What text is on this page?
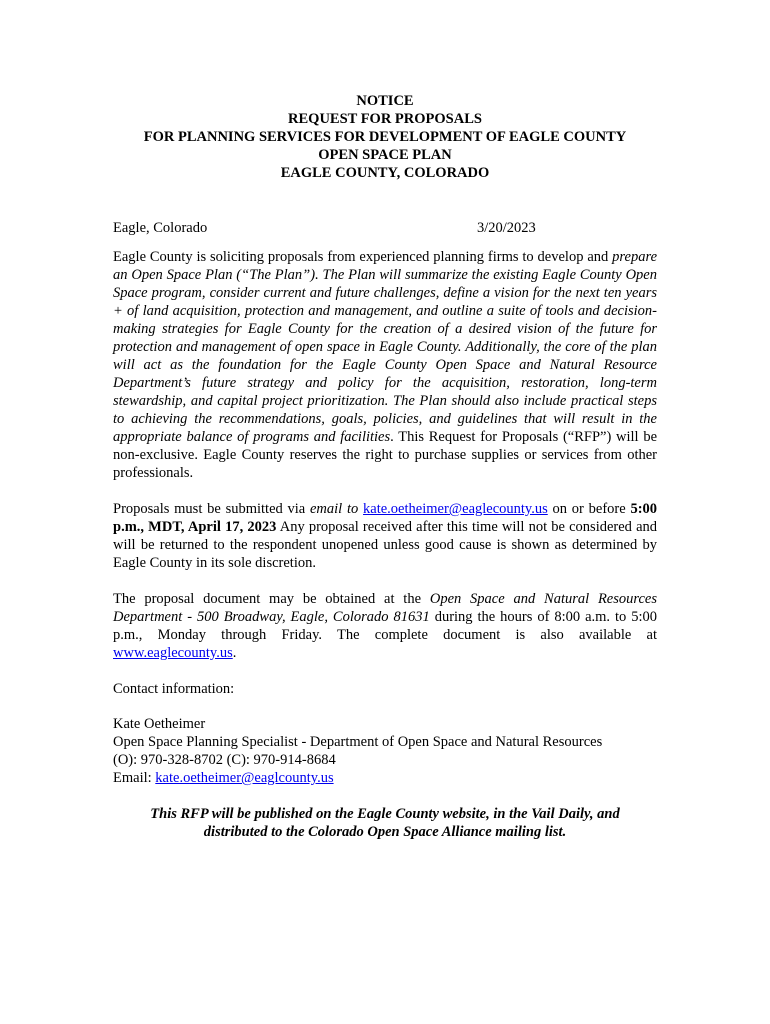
NOTICE
REQUEST FOR PROPOSALS
FOR PLANNING SERVICES FOR DEVELOPMENT OF EAGLE COUNTY
OPEN SPACE PLAN
EAGLE COUNTY, COLORADO
Eagle, Colorado	3/20/2023

Eagle County is soliciting proposals from experienced planning firms to develop and prepare an Open Space Plan (“The Plan”). The Plan will summarize the existing Eagle County Open Space program, consider current and future challenges, define a vision for the next ten years + of land acquisition, protection and management, and outline a suite of tools and decision-making strategies for Eagle County for the creation of a desired vision of the future for protection and management of open space in Eagle County. Additionally, the core of the plan will act as the foundation for the Eagle County Open Space and Natural Resource Department’s future strategy and policy for the acquisition, restoration, long-term stewardship, and capital project prioritization. The Plan should also include practical steps to achieving the recommendations, goals, policies, and guidelines that will result in the appropriate balance of programs and facilities. This Request for Proposals (“RFP”) will be non-exclusive. Eagle County reserves the right to purchase supplies or services from other professionals.

Proposals must be submitted via email to kate.oetheimer@eaglecounty.us on or before 5:00 p.m., MDT, April 17, 2023 Any proposal received after this time will not be considered and will be returned to the respondent unopened unless good cause is shown as determined by Eagle County in its sole discretion.

The proposal document may be obtained at the Open Space and Natural Resources Department - 500 Broadway, Eagle, Colorado 81631 during the hours of 8:00 a.m. to 5:00 p.m., Monday through Friday. The complete document is also available at www.eaglecounty.us.

Contact information:

Kate Oetheimer
Open Space Planning Specialist - Department of Open Space and Natural Resources
(O): 970-328-8702 (C): 970-914-8684
Email: kate.oetheimer@eaglcounty.us
This RFP will be published on the Eagle County website, in the Vail Daily, and
distributed to the Colorado Open Space Alliance mailing list.
